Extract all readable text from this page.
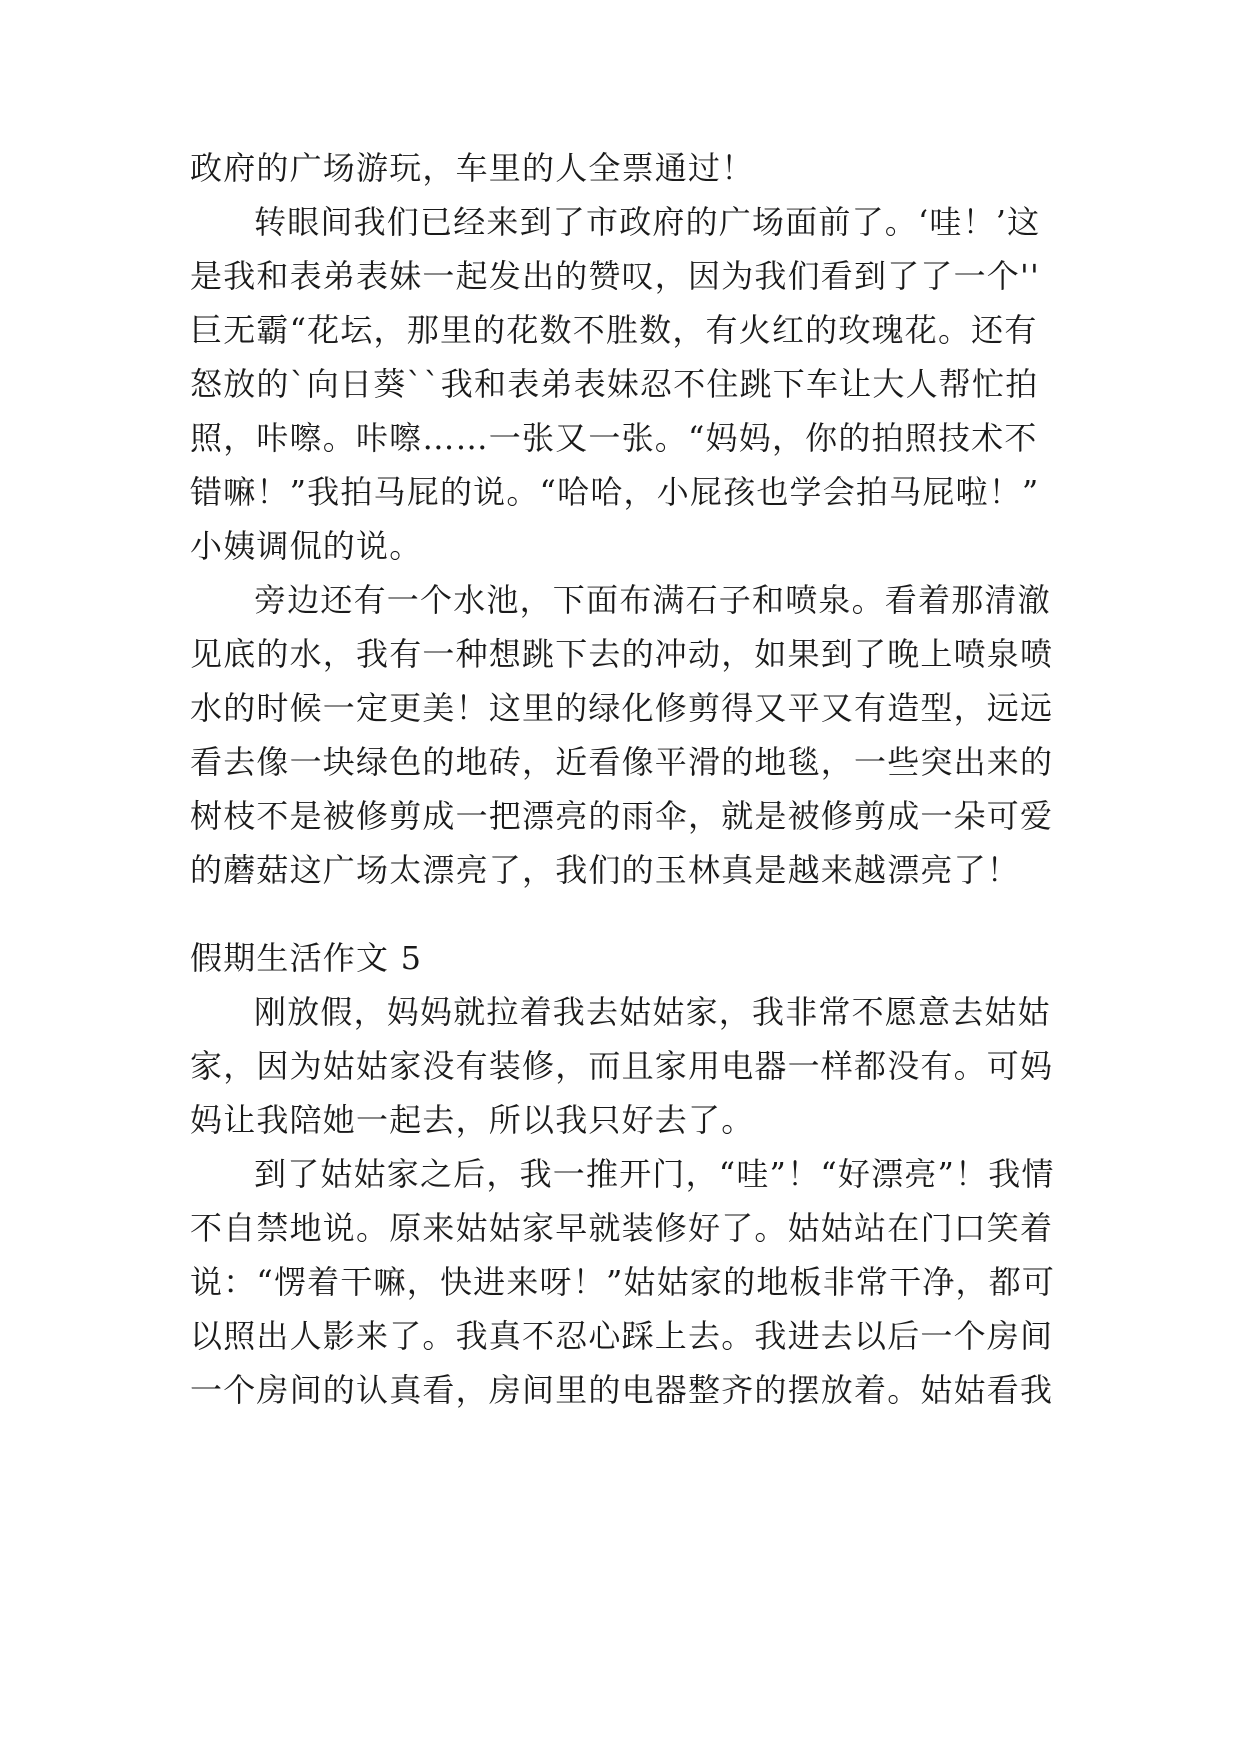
政府的广场游玩，车里的人全票通过！
转眼间我们已经来到了市政府的广场面前了。‘哇！’这
是我和表弟表妹一起发出的赞叹，因为我们看到了了一个''
巨无霸“花坛，那里的花数不胜数，有火红的玫瑰花。还有
怒放的`向日葵``我和表弟表妹忍不住跳下车让大人帮忙拍
照，咔嚓。咔嚓……一张又一张。“妈妈，你的拍照技术不
错嘛！”我拍马屁的说。“哈哈，小屁孩也学会拍马屁啦！”
小姨调侃的说。
旁边还有一个水池，下面布满石子和喷泉。看着那清澈
见底的水，我有一种想跳下去的冲动，如果到了晚上喷泉喷
水的时候一定更美！这里的绿化修剪得又平又有造型，远远
看去像一块绿色的地砖，近看像平滑的地毯，一些突出来的
树枝不是被修剪成一把漂亮的雨伞，就是被修剪成一朵可爱
的蘑菇这广场太漂亮了，我们的玉林真是越来越漂亮了！
假期生活作文 5
刚放假，妈妈就拉着我去姑姑家，我非常不愿意去姑姑
家，因为姑姑家没有装修，而且家用电器一样都没有。可妈
妈让我陪她一起去，所以我只好去了。
到了姑姑家之后，我一推开门，“哇”！“好漂亮”！我情
不自禁地说。原来姑姑家早就装修好了。姑姑站在门口笑着
说：“愣着干嘛，快进来呀！”姑姑家的地板非常干净，都可
以照出人影来了。我真不忍心踩上去。我进去以后一个房间
一个房间的认真看，房间里的电器整齐的摆放着。姑姑看我
